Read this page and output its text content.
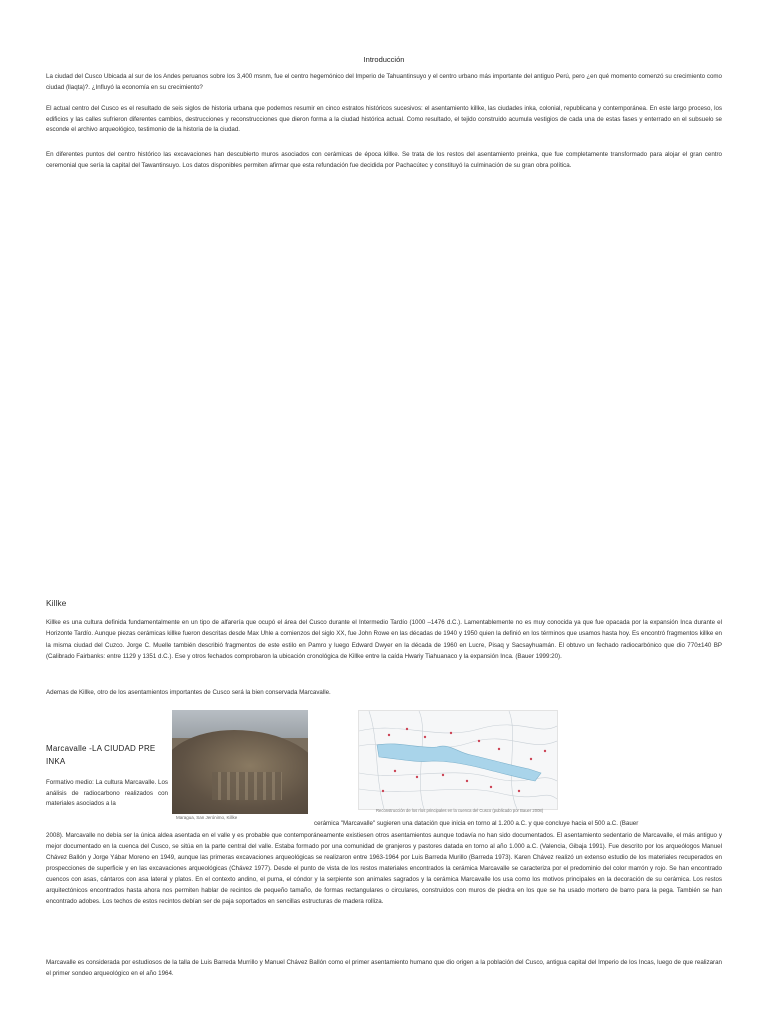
Introducción

La ciudad del Cusco Ubicada al sur de los Andes peruanos sobre los 3,400 msnm, fue el centro hegemónico del Imperio de Tahuantinsuyo y el centro urbano más importante del antiguo Perú, pero ¿en qué momento comenzó su crecimiento como ciudad (llaqta)?. ¿Influyó la economía en su crecimiento?

El actual centro del Cusco es el resultado de seis siglos de historia urbana que podemos resumir en cinco estratos históricos sucesivos: el asentamiento killke, las ciudades inka, colonial, republicana y contemporánea. En este largo proceso, los edificios y las calles sufrieron diferentes cambios, destrucciones y reconstrucciones que dieron forma a la ciudad histórica actual. Como resultado, el tejido construido acumula vestigios de cada una de estas fases y enterrado en el subsuelo se esconde el archivo arqueológico, testimonio de la historia de la ciudad.

En diferentes puntos del centro histórico las excavaciones han descubierto muros asociados con cerámicas de época killke. Se trata de los restos del asentamiento preinka, que fue completamente transformado para alojar el gran centro ceremonial que sería la capital del Tawantinsuyo. Los datos disponibles permiten afirmar que esta refundación fue decidida por Pachacútec y constituyó la culminación de su gran obra política.

Killke

Killke es una cultura definida fundamentalmente en un tipo de alfarería que ocupó el área del Cusco durante el Intermedio Tardío (1000 –1476 d.C.). Lamentablemente no es muy conocida ya que fue opacada por la expansión Inca durante el Horizonte Tardío. Aunque piezas cerámicas killke fueron descritas desde Max Uhle a comienzos del siglo XX, fue John Rowe en las décadas de 1940 y 1950 quien la definió en los términos que usamos hasta hoy. Es encontró fragmentos killke en la misma ciudad del Cuzco. Jorge C. Muelle también describió fragmentos de este estilo en Pamro y luego Edward Dwyer en la década de 1960 en Lucre, Pisaq y Sacsayhuamán. El obtuvo un fechado radiocarbónico que dio 770±140 BP (Calibrado Fairbanks: entre 1129 y 1351 d.C.). Ese y otros fechados comprobaron la ubicación cronológica de Killke entre la caída Hwariy Tiahuanaco y la expansión Inca. (Bauer 1999:20).

Ademas de Killke, otro de los asentamientos importantes de Cusco será la bien conservada Marcavalle.

Maragua, San Jerónimo, Killke

Reconstrucción de los ríos principales en la cuenca del Cusco (publicado por Bauer 2008)

Marcavalle -LA CIUDAD PRE INKA

Formativo medio: La cultura Marcavalle. Los análisis de radiocarbono realizados con materiales asociados a la

cerámica "Marcavalle" sugieren una datación que inicia en torno al 1.200 a.C. y que concluye hacia el 500 a.C. (Bauer

2008). Marcavalle no debía ser la única aldea asentada en el valle y es probable que contemporáneamente existiesen otros asentamientos aunque todavía no han sido documentados. El asentamiento sedentario de Marcavalle, el más antiguo y mejor documentado en la cuenca del Cusco, se sitúa en la parte central del valle. Estaba formado por una comunidad de granjeros y pastores datada en torno al año 1.000 a.C. (Valencia, Gibaja 1991). Fue descrito por los arqueólogos Manuel Chávez Ballón y Jorge Yábar Moreno en 1949, aunque las primeras excavaciones arqueológicas se realizaron entre 1963-1964 por Luis Barreda Murillo (Barreda 1973). Karen Chávez realizó un extenso estudio de los materiales recuperados en prospecciones de superficie y en las excavaciones arqueológicas (Chávez 1977). Desde el punto de vista de los restos materiales encontrados la cerámica Marcavalle se caracteriza por el predominio del color marrón y rojo. Se han encontrado cuencos con asas, cántaros con asa lateral y platos. En el contexto andino, el puma, el cóndor y la serpiente son animales sagrados y la cerámica Marcavalle los usa como los motivos principales en la decoración de su cerámica. Los restos arquitectónicos encontrados hasta ahora nos permiten hablar de recintos de pequeño tamaño, de formas rectangulares o circulares, construidos con muros de piedra en los que se ha usado mortero de barro para la pega. También se han encontrado adobes. Los techos de estos recintos debían ser de paja soportados en sencillas estructuras de madera rolliza.

Marcavalle es considerada por estudiosos de la talla de Luis Barreda Murrillo y Manuel Chávez Ballón como el primer asentamiento humano que dio origen a la población del Cusco, antigua capital del Imperio de los Incas, luego de que realizaran el primer sondeo arqueológico en el año 1964.
